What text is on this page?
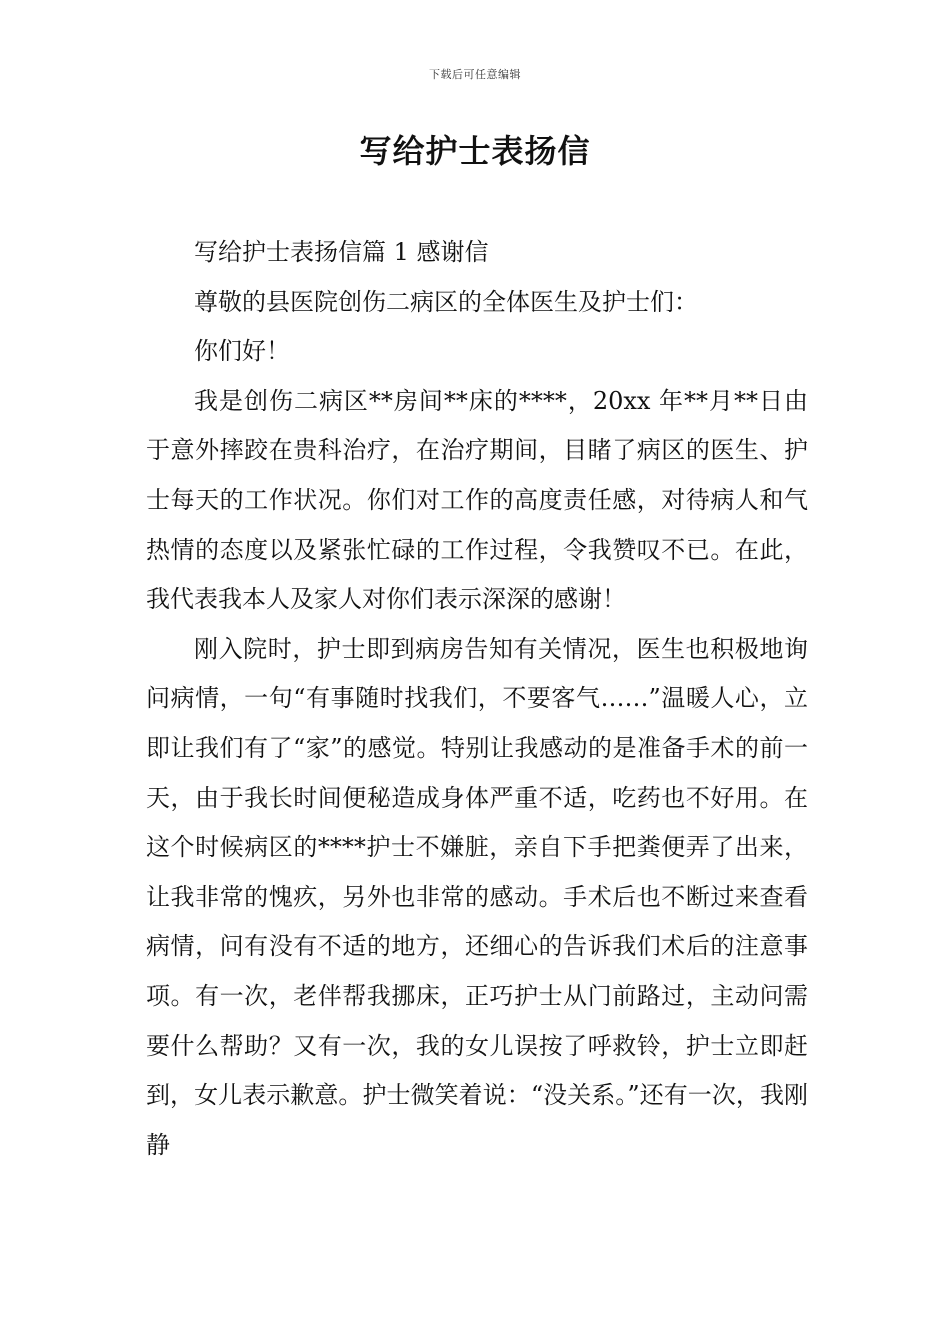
下载后可任意编辑
写给护士表扬信

写给护士表扬信篇 1 感谢信

尊敬的县医院创伤二病区的全体医生及护士们：

你们好！

我是创伤二病区**房间**床的****，20xx 年**月**日由于意外摔跤在贵科治疗，在治疗期间，目睹了病区的医生、护士每天的工作状况。你们对工作的高度责任感，对待病人和气热情的态度以及紧张忙碌的工作过程，令我赞叹不已。在此，我代表我本人及家人对你们表示深深的感谢！

刚入院时，护士即到病房告知有关情况，医生也积极地询问病情，一句“有事随时找我们，不要客气……”温暖人心，立即让我们有了“家”的感觉。特别让我感动的是准备手术的前一天，由于我长时间便秘造成身体严重不适，吃药也不好用。在这个时候病区的****护士不嫌脏，亲自下手把粪便弄了出来，让我非常的愧疚，另外也非常的感动。手术后也不断过来查看病情，问有没有不适的地方，还细心的告诉我们术后的注意事项。有一次，老伴帮我挪床，正巧护士从门前路过，主动问需要什么帮助？又有一次，我的女儿误按了呼救铃，护士立即赶到，女儿表示歉意。护士微笑着说：“没关系。”还有一次，我刚静
